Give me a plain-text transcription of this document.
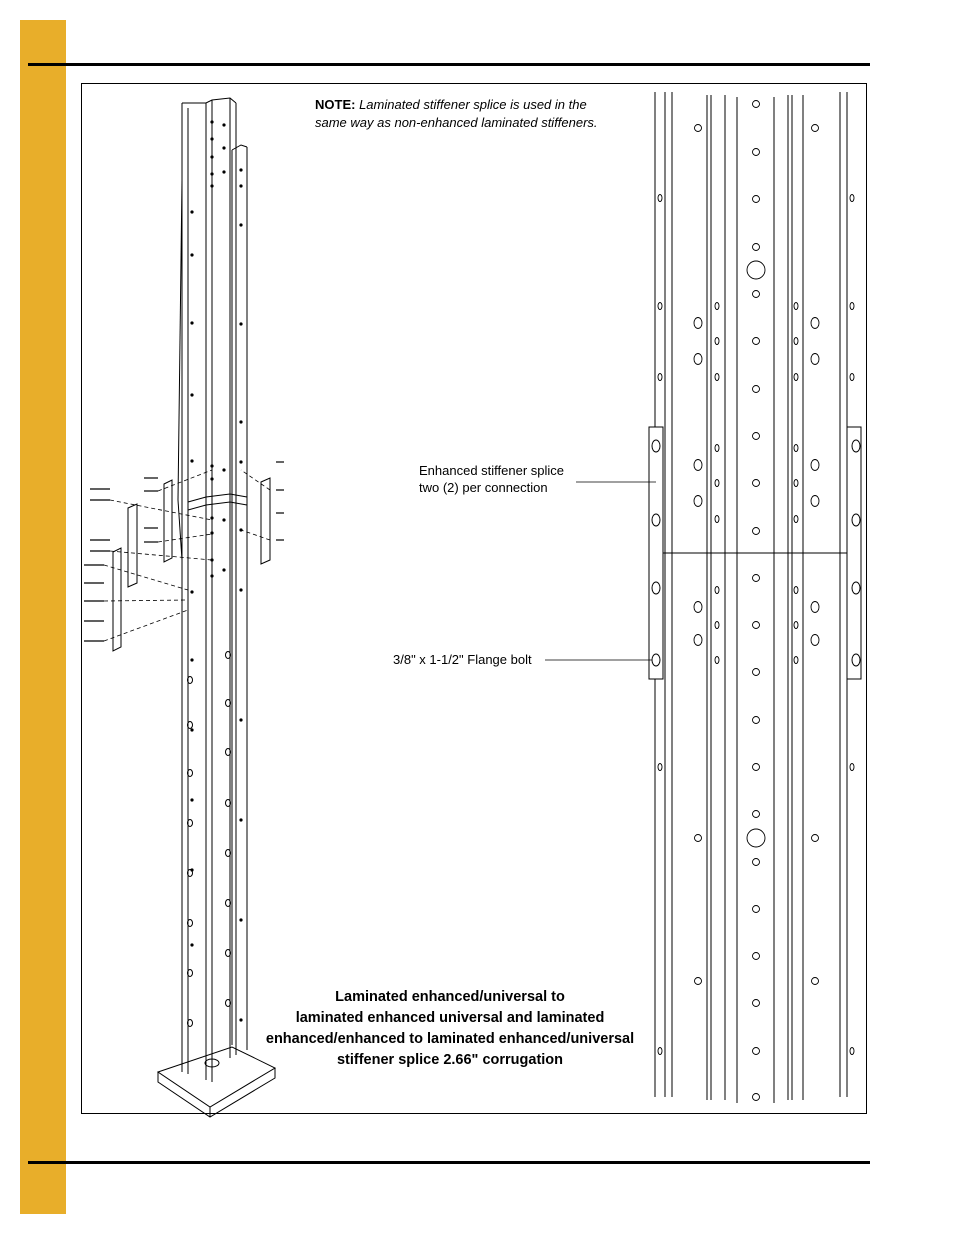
NOTE: Laminated stiffener splice is used in the
same way as non-enhanced laminated stiffeners.
Enhanced stiffener splice
two (2) per connection
3/8" x 1-1/2" Flange bolt
Laminated enhanced/universal to
laminated enhanced universal and laminated
enhanced/enhanced to laminated enhanced/universal
stiffener splice 2.66" corrugation
